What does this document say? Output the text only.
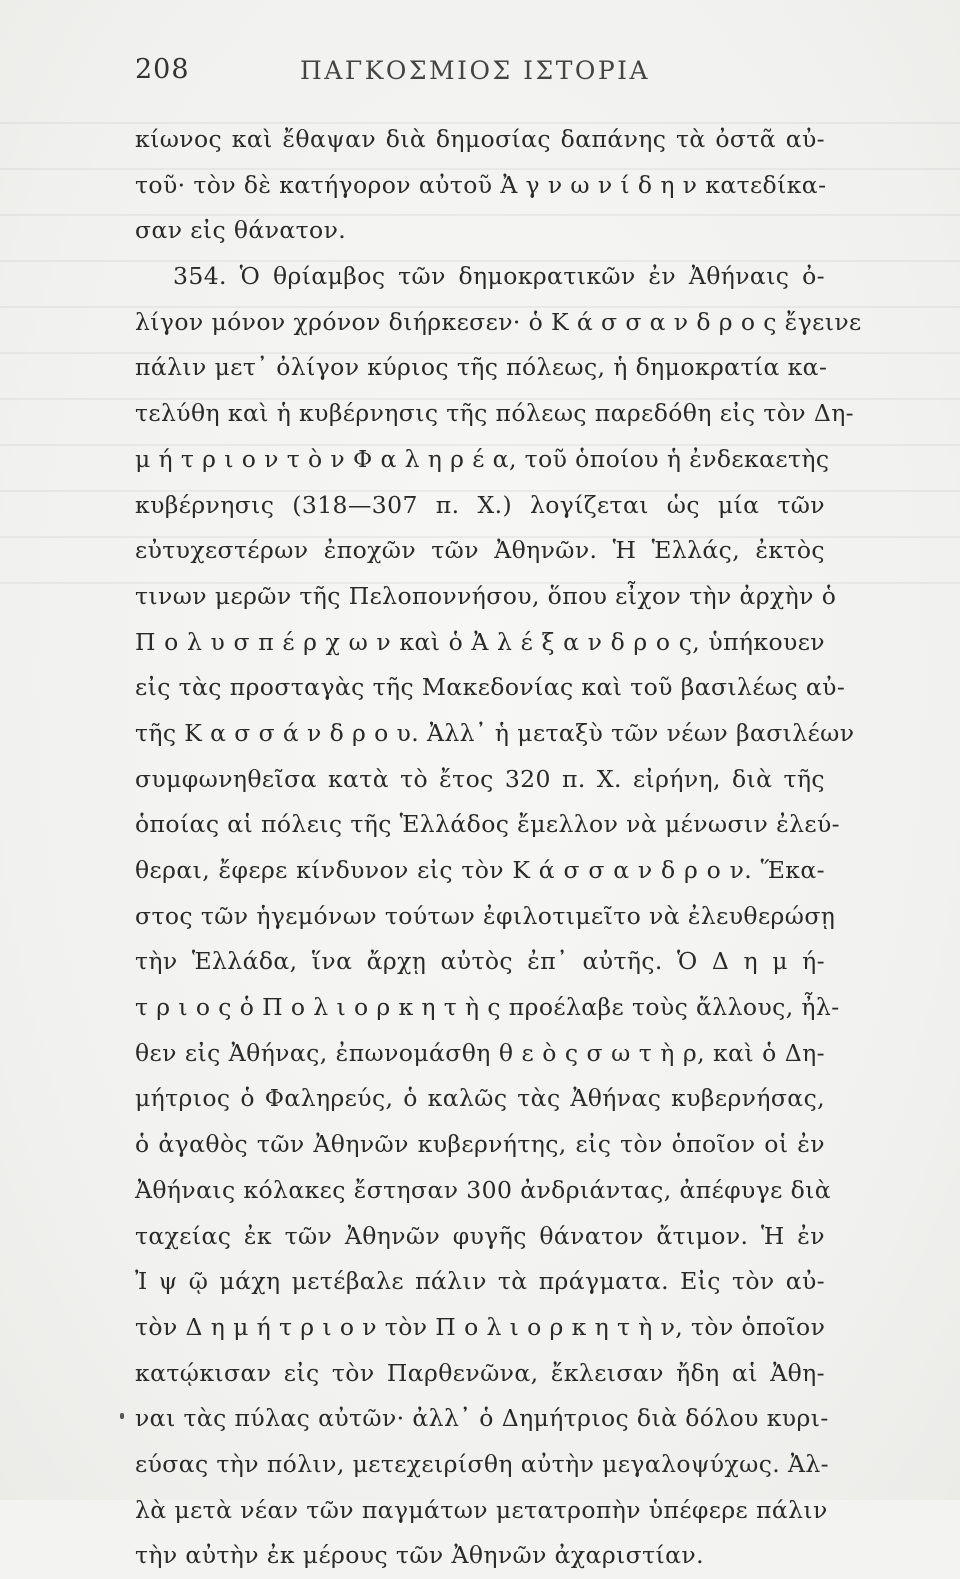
208	ΠΑΓΚΟΣΜΙΟΣ ΙΣΤΟΡΙΑ
κίωνος καὶ ἔθαψαν διὰ δημοσίας δαπάνης τὰ ὀστᾶ αὐ-
τοῦ· τὸν δὲ κατήγορον αὐτοῦ Ἀ γ ν ω ν ί δ η ν κατεδίκα-
σαν εἰς θάνατον.
354. Ὁ θρίαμβος τῶν δημοκρατικῶν ἐν Ἀθήναις ὀ-
λίγον μόνον χρόνον διήρκεσεν· ὁ Κ ά σ σ α ν δ ρ ο ς ἔγεινε
πάλιν μετ᾽ ὀλίγον κύριος τῆς πόλεως, ἡ δημοκρατία κα-
τελύθη καὶ ἡ κυβέρνησις τῆς πόλεως παρεδόθη εἰς τὸν Δη-
μ ή τ ρ ι ο ν τ ὸ ν Φ α λ η ρ έ α, τοῦ ὁποίου ἡ ἐνδεκαετὴς
κυβέρνησις (318—307 π. Χ.) λογίζεται ὡς μία τῶν
εὐτυχεστέρων ἐποχῶν τῶν Ἀθηνῶν. Ἡ Ἑλλάς, ἐκτὸς
τινων μερῶν τῆς Πελοποννήσου, ὅπου εἶχον τὴν ἀρχὴν ὁ
Π ο λ υ σ π έ ρ χ ω ν καὶ ὁ Ἀ λ έ ξ α ν δ ρ ο ς, ὑπήκουεν
εἰς τὰς προσταγὰς τῆς Μακεδονίας καὶ τοῦ βασιλέως αὐ-
τῆς Κ α σ σ ά ν δ ρ ο υ. Ἀλλ᾽ ἡ μεταξὺ τῶν νέων βασιλέων
συμφωνηθεῖσα κατὰ τὸ ἔτος 320 π. Χ. εἰρήνη, διὰ τῆς
ὁποίας αἱ πόλεις τῆς Ἑλλάδος ἔμελλον νὰ μένωσιν ἐλεύ-
θεραι, ἔφερε κίνδυνον εἰς τὸν Κ ά σ σ α ν δ ρ ο ν. Ἕκα-
στος τῶν ἡγεμόνων τούτων ἐφιλοτιμεῖτο νὰ ἐλευθερώσῃ
τὴν Ἑλλάδα, ἵνα ἄρχῃ αὐτὸς ἐπ᾽ αὐτῆς. Ὁ Δ η μ ή-
τ ρ ι ο ς ὁ Π ο λ ι ο ρ κ η τ ὴ ς προέλαβε τοὺς ἄλλους, ἦλ-
θεν εἰς Ἀθήνας, ἐπωνομάσθη θ ε ὸ ς σ ω τ ὴ ρ, καὶ ὁ Δη-
μήτριος ὁ Φαληρεύς, ὁ καλῶς τὰς Ἀθήνας κυβερνήσας,
ὁ ἀγαθὸς τῶν Ἀθηνῶν κυβερνήτης, εἰς τὸν ὁποῖον οἱ ἐν
Ἀθήναις κόλακες ἔστησαν 300 ἀνδριάντας, ἀπέφυγε διὰ
ταχείας ἐκ τῶν Ἀθηνῶν φυγῆς θάνατον ἄτιμον. Ἡ ἐν
Ἰ ψ ῷ μάχη μετέβαλε πάλιν τὰ πράγματα. Εἰς τὸν αὐ-
τὸν Δ η μ ή τ ρ ι ο ν τὸν Π ο λ ι ο ρ κ η τ ὴ ν, τὸν ὁποῖον
κατῴκισαν εἰς τὸν Παρθενῶνα, ἔκλεισαν ἤδη αἱ Ἀθη-
ναι τὰς πύλας αὐτῶν· ἀλλ᾽ ὁ Δημήτριος διὰ δόλου κυρι-
εύσας τὴν πόλιν, μετεχειρίσθη αὐτὴν μεγαλοψύχως. Ἀλ-
λὰ μετὰ νέαν τῶν παγμάτων μετατροπὴν ὑπέφερε πάλιν
τὴν αὐτὴν ἐκ μέρους τῶν Ἀθηνῶν ἀχαριστίαν.
